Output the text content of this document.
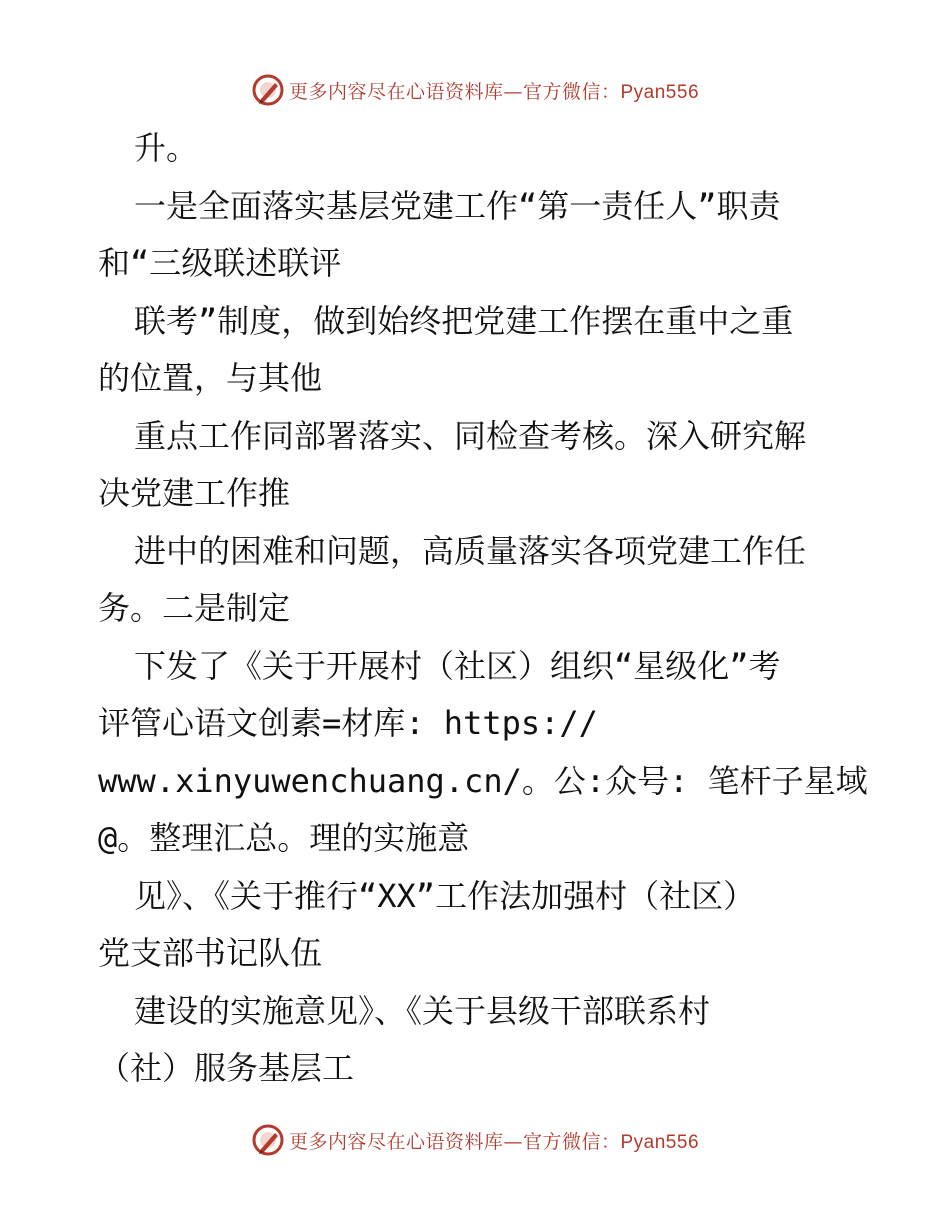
更多内容尽在心语资料库—官方微信：Pyan556
升。
一是全面落实基层党建工作“第一责任人”职责
和“三级联述联评
联考”制度，做到始终把党建工作摆在重中之重
的位置，与其他
重点工作同部署落实、同检查考核。深入研究解
决党建工作推
进中的困难和问题，高质量落实各项党建工作任
务。二是制定
下发了《关于开展村（社区）组织“星级化”考
评管心语文创素=材库: https://
www.xinyuwenchuang.cn/。公:众号: 笔杆子星域
@。整理汇总。理的实施意
见》、《关于推行“XX”工作法加强村（社区）
党支部书记队伍
建设的实施意见》、《关于县级干部联系村
（社）服务基层工
更多内容尽在心语资料库—官方微信：Pyan556
